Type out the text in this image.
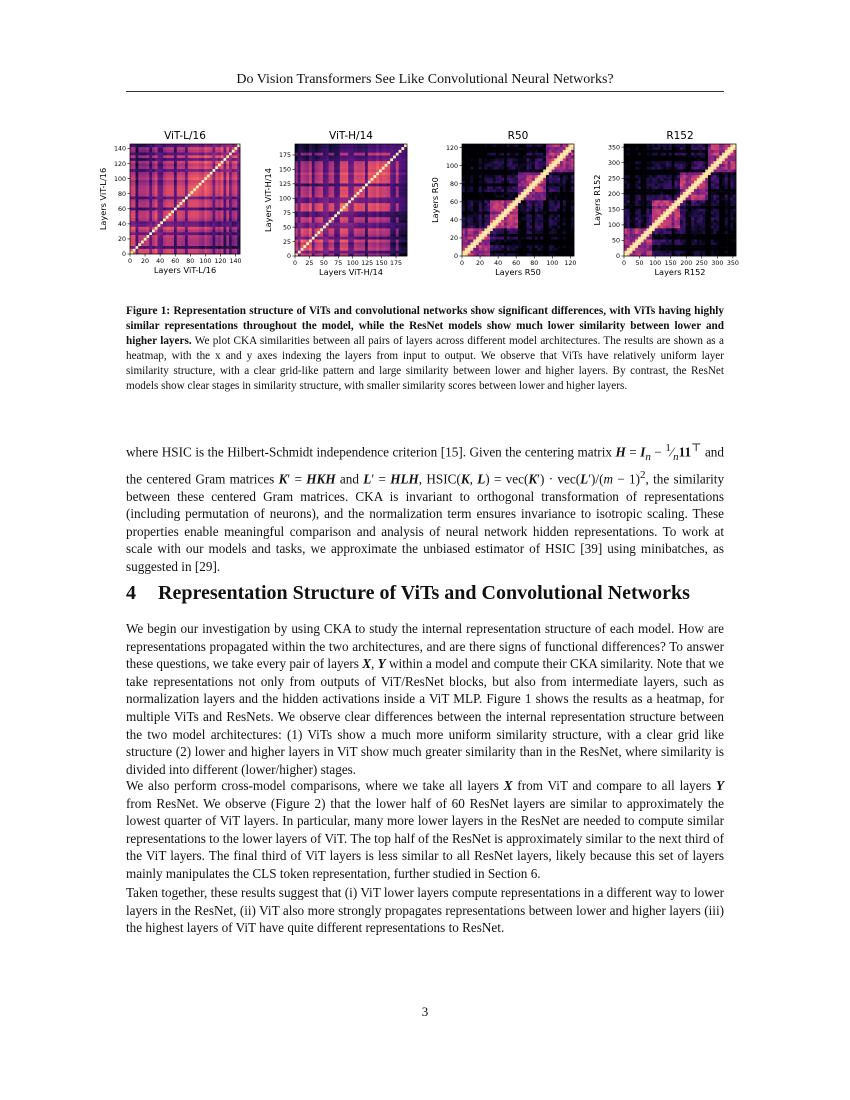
Do Vision Transformers See Like Convolutional Neural Networks?
ViT-L/16
0
0
20
20
40
40
60
60
80
80
100
100
120
120
140
140
Layers ViT-L/16
Layers ViT-L/16
ViT-H/14
0
0
25
25
50
50
75
75
100
100
125
125
150
150
175
175
Layers ViT-H/14
Layers ViT-H/14
R50
0
0
20
20
40
40
60
60
80
80
100
100
120
120
Layers R50
Layers R50
R152
0
0
50
50
100
100
150
150
200
200
250
250
300
300
350
350
Layers R152
Layers R152
Figure 1: Representation structure of ViTs and convolutional networks show significant differences, with ViTs having highly similar representations throughout the model, while the ResNet models show much lower similarity between lower and higher layers. We plot CKA similarities between all pairs of layers across different model architectures. The results are shown as a heatmap, with the x and y axes indexing the layers from input to output. We observe that ViTs have relatively uniform layer similarity structure, with a clear grid-like pattern and large similarity between lower and higher layers. By contrast, the ResNet models show clear stages in similarity structure, with smaller similarity scores between lower and higher layers.
where HSIC is the Hilbert-Schmidt independence criterion [15]. Given the centering matrix $H = I_n$ − $^1⁄_n11^⊤$ and the centered Gram matrices K′ = HKH and L′ = HLH, HSIC(K, $L) = vec(K') \cdot vec(L')/(m - 1)^2$, the similarity between these centered Gram matrices. CKA is invariant to orthogonal transformation of representations (including permutation of neurons), and the normalization term ensures invariance to isotropic scaling. These properties enable meaningful comparison and analysis of neural network hidden representations. To work at scale with our models and tasks, we approximate the unbiased estimator of HSIC [39] using minibatches, as suggested in [29].
4 Representation Structure of ViTs and Convolutional Networks
We begin our investigation by using CKA to study the internal representation structure of each model. How are representations propagated within the two architectures, and are there signs of functional differences? To answer these questions, we take every pair of layers X, Y within a model and compute their CKA similarity. Note that we take representations not only from outputs of ViT/ResNet blocks, but also from intermediate layers, such as normalization layers and the hidden activations inside a ViT MLP. Figure 1 shows the results as a heatmap, for multiple ViTs and ResNets. We observe clear differences between the internal representation structure between the two model architectures: (1) ViTs show a much more uniform similarity structure, with a clear grid like structure (2) lower and higher layers in ViT show much greater similarity than in the ResNet, where similarity is divided into different (lower/higher) stages.
We also perform cross-model comparisons, where we take all layers X from ViT and compare to all layers Y from ResNet. We observe (Figure 2) that the lower half of 60 ResNet layers are similar to approximately the lowest quarter of ViT layers. In particular, many more lower layers in the ResNet are needed to compute similar representations to the lower layers of ViT. The top half of the ResNet is approximately similar to the next third of the ViT layers. The final third of ViT layers is less similar to all ResNet layers, likely because this set of layers mainly manipulates the CLS token representation, further studied in Section 6.
Taken together, these results suggest that (i) ViT lower layers compute representations in a different way to lower layers in the ResNet, (ii) ViT also more strongly propagates representations between lower and higher layers (iii) the highest layers of ViT have quite different representations to ResNet.
3
